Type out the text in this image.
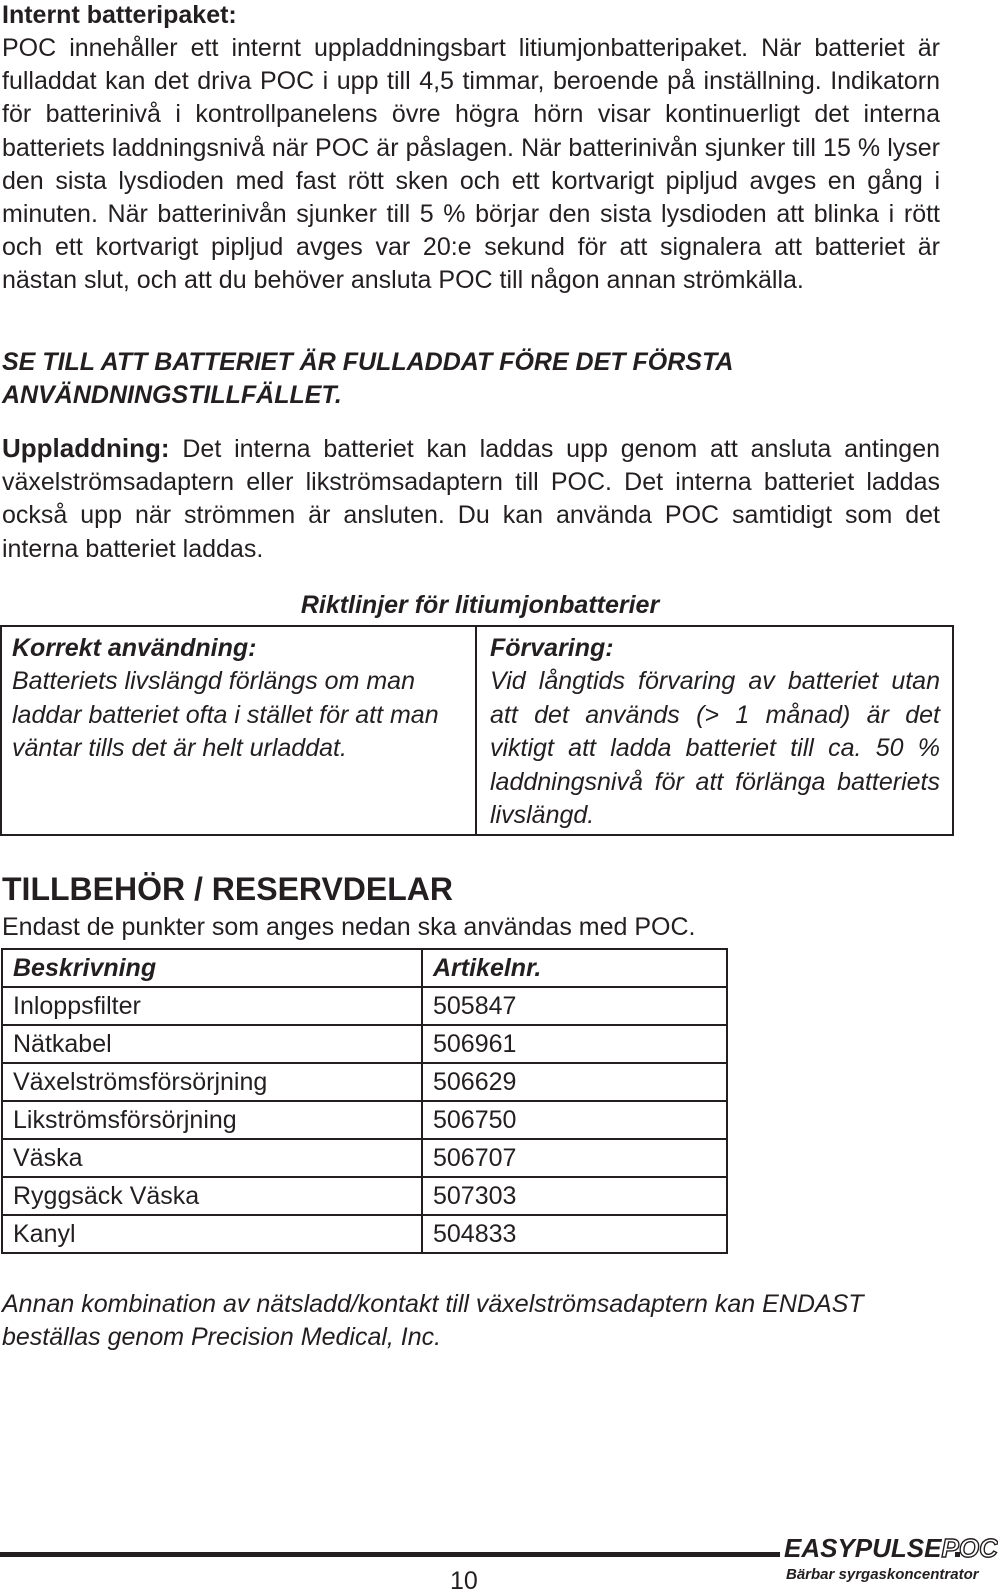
Internt batteripaket:

POC innehåller ett internt uppladdningsbart litiumjonbatteripaket. När batteriet är fulladdat kan det driva POC i upp till 4,5 timmar, beroende på inställning. Indikatorn för batterinivå i kontrollpanelens övre högra hörn visar kontinuerligt det interna batteriets laddningsnivå när POC är påslagen. När batterinivån sjunker till 15 % lyser den sista lysdioden med fast rött sken och ett kortvarigt pipljud avges en gång i minuten. När batterinivån sjunker till 5 % börjar den sista lysdioden att blinka i rött och ett kortvarigt pipljud avges var 20:e sekund för att signalera att batteriet är nästan slut, och att du behöver ansluta POC till någon annan strömkälla.

SE TILL ATT BATTERIET ÄR FULLADDAT FÖRE DET FÖRSTA ANVÄNDNINGSTILLFÄLLET.

Uppladdning: Det interna batteriet kan laddas upp genom att ansluta antingen växelströmsadaptern eller likströmsadaptern till POC. Det interna batteriet laddas också upp när strömmen är ansluten. Du kan använda POC samtidigt som det interna batteriet laddas.

Riktlinjer för litiumjonbatterier
Korrekt användning:
Batteriets livslängd förlängs om man laddar batteriet ofta i stället för att man väntar tills det är helt urladdat.
Förvaring:
Vid långtids förvaring av batteriet utan att det används (> 1 månad) är det viktigt att ladda batteriet till ca. 50 % laddningsnivå för att förlänga batteriets livslängd.
TILLBEHÖR / RESERVDELAR

Endast de punkter som anges nedan ska användas med POC.

Beskrivning	Artikelnr.
Inloppsfilter	505847
Nätkabel	506961
Växelströmsförsörjning	506629
Likströmsförsörjning	506750
Väska	506707
Ryggsäck Väska	507303
Kanyl	504833

Annan kombination av nätsladd/kontakt till växelströmsadaptern kan ENDAST beställas genom Precision Medical, Inc.

10

EASYPULSEPOC
Bärbar syrgaskoncentrator
